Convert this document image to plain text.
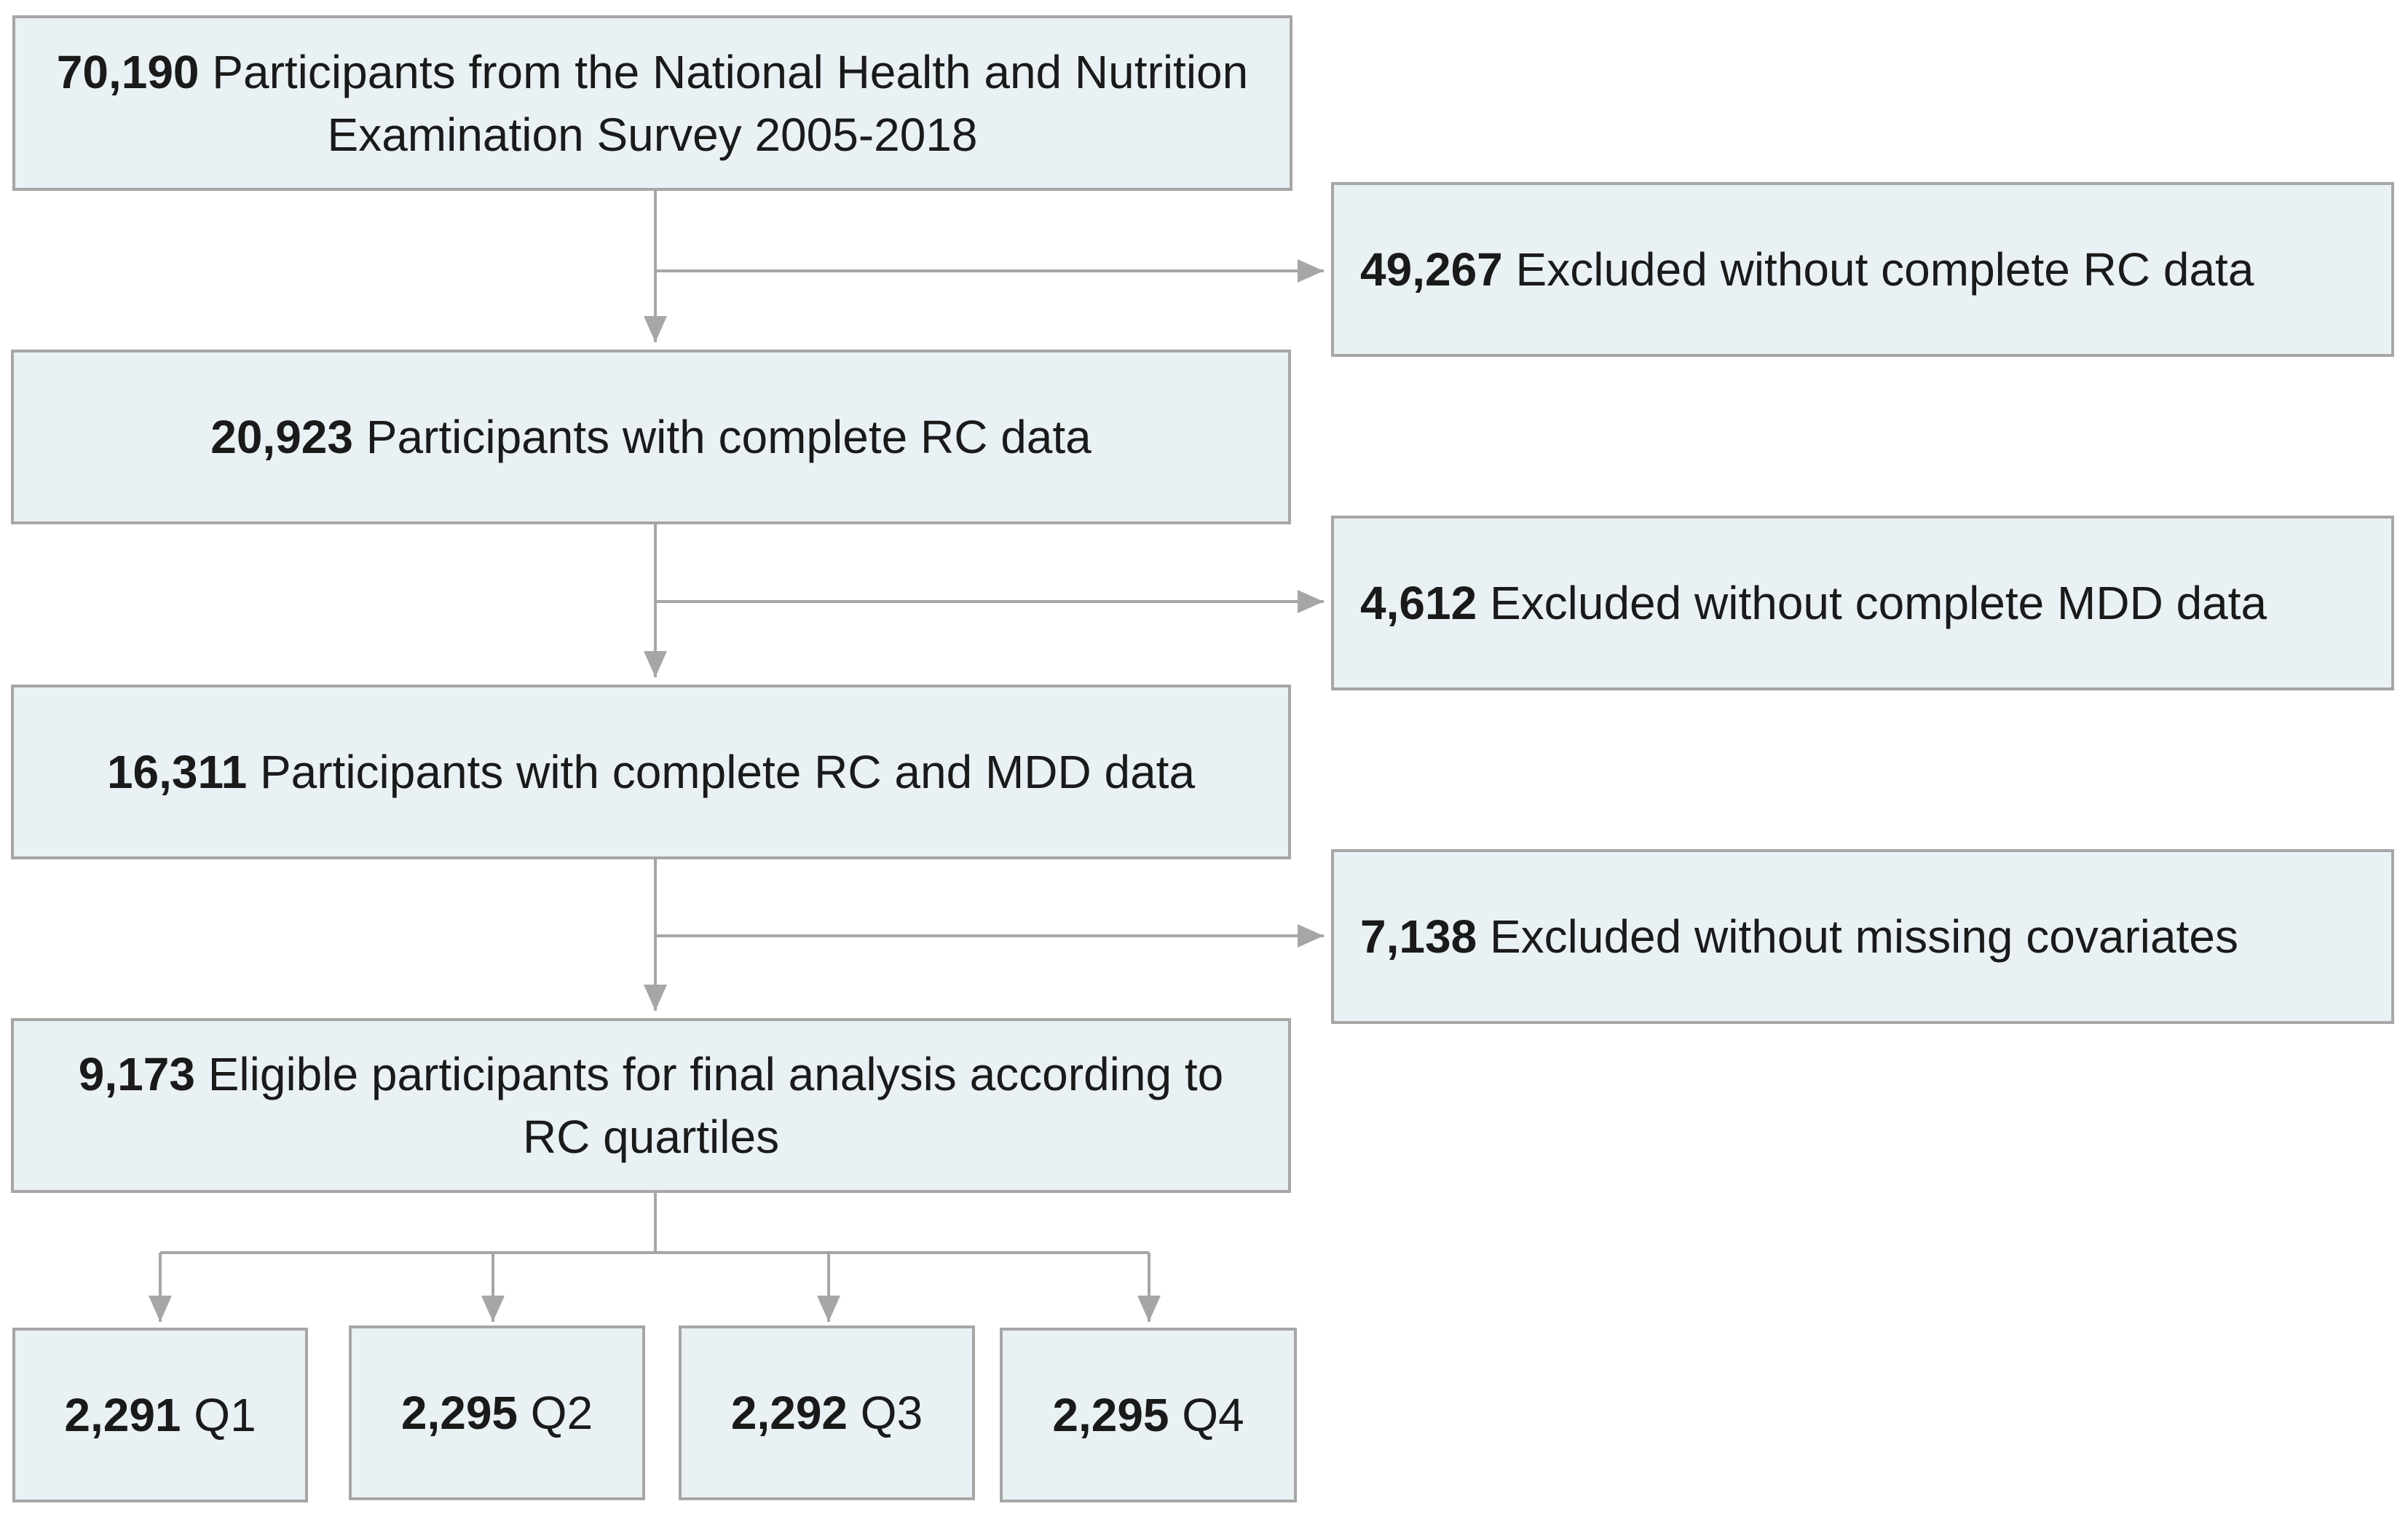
70,190 Participants from the National Health and Nutrition Examination Survey 2005-2018
20,923 Participants with complete RC data
16,311 Participants with complete RC and MDD data
9,173 Eligible participants for final analysis according to RC quartiles
49,267 Excluded without complete RC data
4,612 Excluded without complete MDD data
7,138 Excluded without missing covariates
2,291 Q1	2,295 Q2	2,292 Q3	2,295 Q4
